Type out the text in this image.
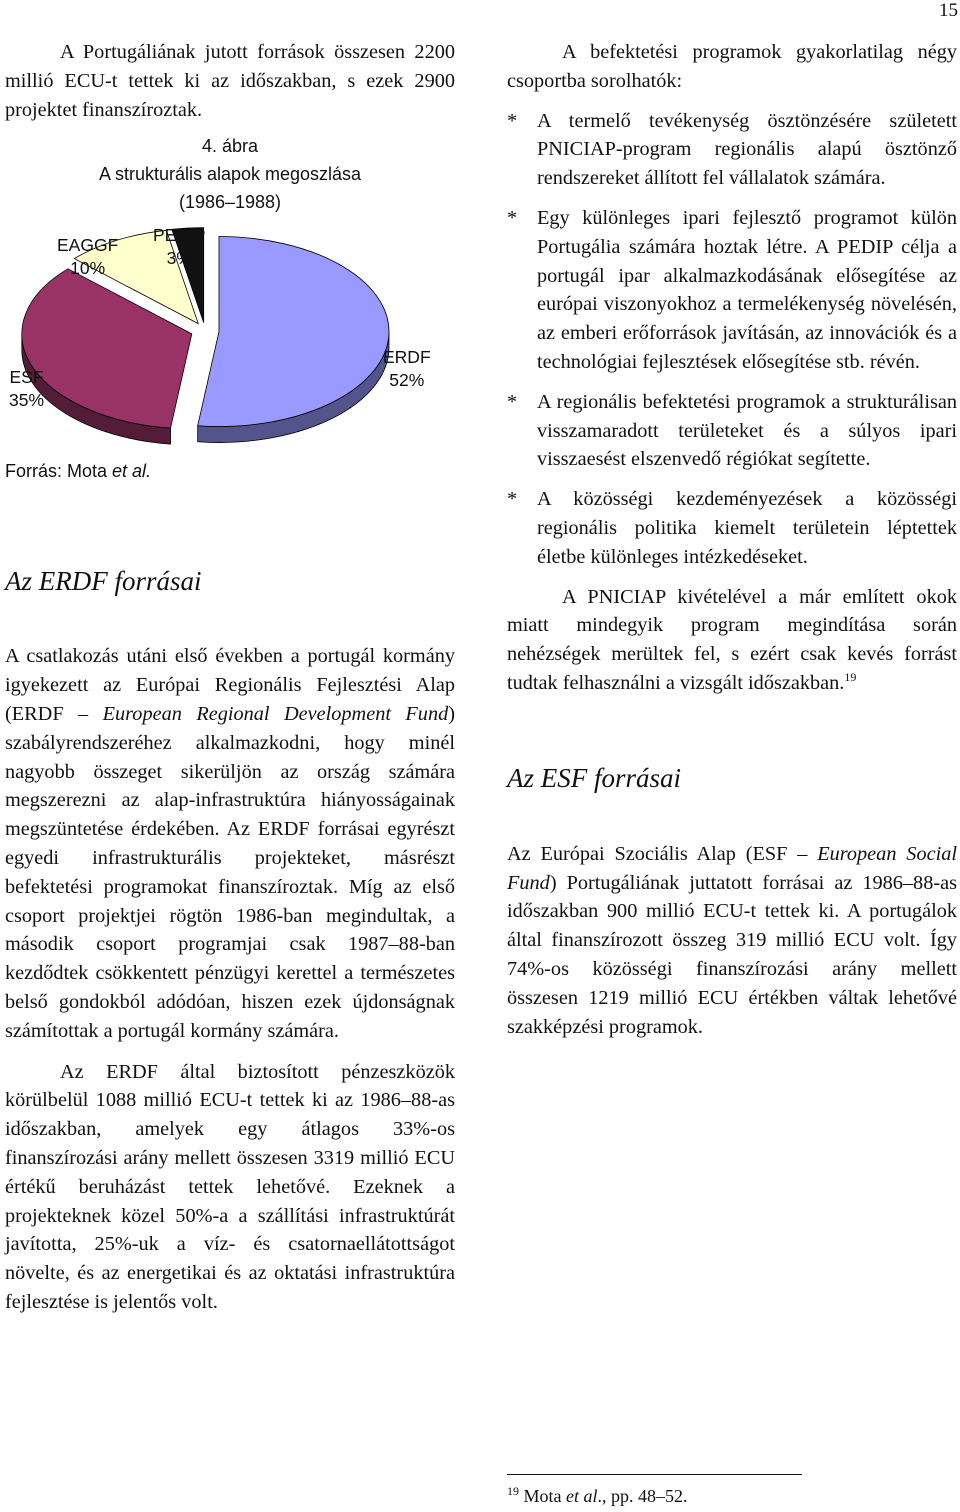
15

A Portugáliának jutott források összesen 2200 millió ECU-t tettek ki az időszakban, s ezek 2900 projektet finanszíroztak.

4. ábra
A strukturális alapok megoszlása
(1986–1988)
EAGGF
10%
PEDIP
3%
ERDF
52%
ESF
35%
Forrás: Mota et al.
Az ERDF forrásai

A csatlakozás utáni első években a portugál kormány igyekezett az Európai Regionális Fejlesztési Alap (ERDF – European Regional Development Fund) szabályrendszeréhez alkalmazkodni, hogy minél nagyobb összeget sikerüljön az ország számára megszerezni az alap-infrastruktúra hiányosságainak megszüntetése érdekében. Az ERDF forrásai egyrészt egyedi infrastrukturális projekteket, másrészt befektetési programokat finanszíroztak. Míg az első csoport projektjei rögtön 1986-ban megindultak, a második csoport programjai csak 1987–88-ban kezdődtek csökkentett pénzügyi kerettel a természetes belső gondokból adódóan, hiszen ezek újdonságnak számítottak a portugál kormány számára.

Az ERDF által biztosított pénzeszközök körülbelül 1088 millió ECU-t tettek ki az 1986–88-as időszakban, amelyek egy átlagos 33%-os finanszírozási arány mellett összesen 3319 millió ECU értékű beruházást tettek lehetővé. Ezeknek a projekteknek közel 50%-a a szállítási infrastruktúrát javította, 25%-uk a víz- és csatornaellátottságot növelte, és az energetikai és az oktatási infrastruktúra fejlesztése is jelentős volt.

A befektetési programok gyakorlatilag négy csoportba sorolhatók:

* A termelő tevékenység ösztönzésére született PNICIAP-program regionális alapú ösztönző rendszereket állított fel vállalatok számára.

* Egy különleges ipari fejlesztő programot külön Portugália számára hoztak létre. A PEDIP célja a portugál ipar alkalmazkodásának elősegítése az európai viszonyokhoz a termelékenység növelésén, az emberi erőforrások javításán, az innovációk és a technológiai fejlesztések elősegítése stb. révén.

* A regionális befektetési programok a strukturálisan visszamaradott területeket és a súlyos ipari visszaesést elszenvedő régiókat segítette.

* A közösségi kezdeményezések a közösségi regionális politika kiemelt területein léptettek életbe különleges intézkedéseket.

A PNICIAP kivételével a már említett okok miatt mindegyik program megindítása során nehézségek merültek fel, s ezért csak kevés forrást tudtak felhasználni a vizsgált időszakban.$^{19}$

Az ESF forrásai

Az Európai Szociális Alap (ESF – European Social Fund) Portugáliának juttatott forrásai az 1986–88-as időszakban 900 millió ECU-t tettek ki. A portugálok által finanszírozott összeg 319 millió ECU volt. Így 74%-os közösségi finanszírozási arány mellett összesen 1219 millió ECU értékben váltak lehetővé szakképzési programok.

$^{19}$ Mota et al., pp. 48–52.
